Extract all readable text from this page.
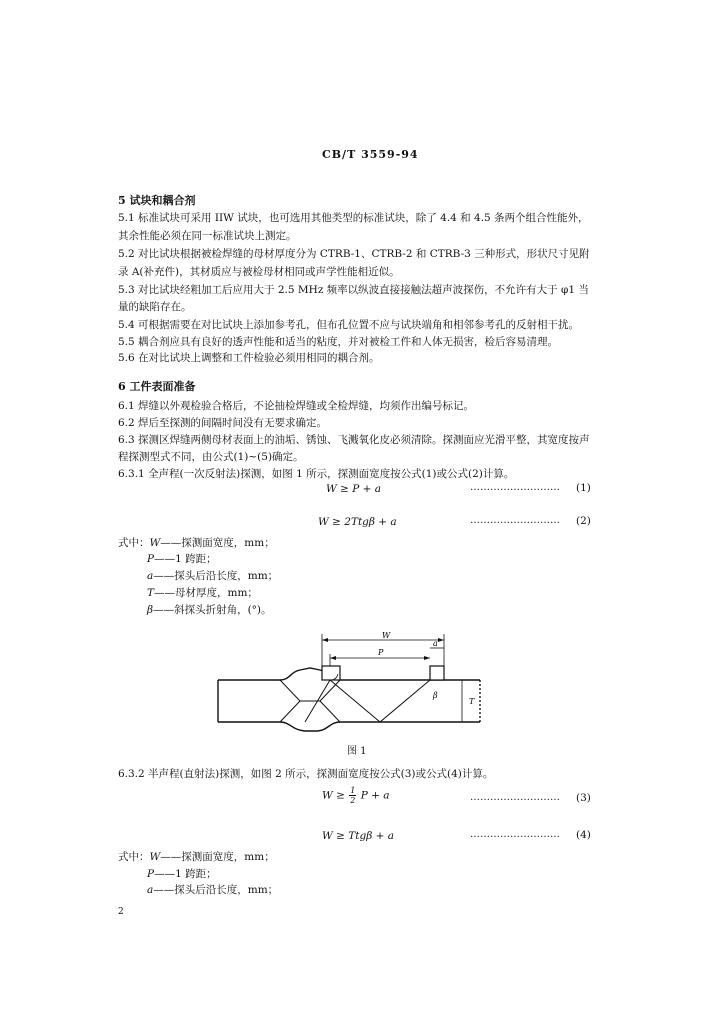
CB/T 3559-94
5 试块和耦合剂
5.1 标准试块可采用 IIW 试块，也可选用其他类型的标准试块，除了 4.4 和 4.5 条两个组合性能外，
其余性能必须在同一标准试块上测定。
5.2 对比试块根据被检焊缝的母材厚度分为 CTRB-1、CTRB-2 和 CTRB-3 三种形式，形状尺寸见附
录 A(补充件)，其材质应与被检母材相同或声学性能相近似。
5.3 对比试块经粗加工后应用大于 2.5 MHz 频率以纵波直接接触法超声波探伤，不允许有大于 φ1 当
量的缺陷存在。
5.4 可根据需要在对比试块上添加参考孔，但布孔位置不应与试块端角和相邻参考孔的反射相干扰。
5.5 耦合剂应具有良好的透声性能和适当的粘度，并对被检工件和人体无损害，检后容易清理。
5.6 在对比试块上调整和工件检验必须用相同的耦合剂。
6 工件表面准备
6.1 焊缝以外观检验合格后，不论抽检焊缝或全检焊缝，均须作出编号标记。
6.2 焊后至探测的间隔时间没有无要求确定。
6.3 探测区焊缝两侧母材表面上的油垢、锈蚀、飞溅氧化皮必须清除。探测面应光滑平整，其宽度按声
程探测型式不同，由公式(1)~(5)确定。
6.3.1 全声程(一次反射法)探测，如图 1 所示，探测面宽度按公式(1)或公式(2)计算。
W ≥ P + a	……………………… (1)
W ≥ 2Ttgβ + a	……………………… (2)
式中：W——探测面宽度，mm；
P——1 跨距；
a——探头后沿长度，mm；
T——母材厚度，mm；
β——斜探头折射角，(°)。
W
P
a
T
β
图 1
6.3.2 半声程(直射法)探测，如图 2 所示，探测面宽度按公式(3)或公式(4)计算。
$W \ge \frac{1}{2}$ P + a	……………………… (3)
W ≥ Ttgβ + a	……………………… (4)
式中：W——探测面宽度，mm；
P——1 跨距；
a——探头后沿长度，mm；
2
